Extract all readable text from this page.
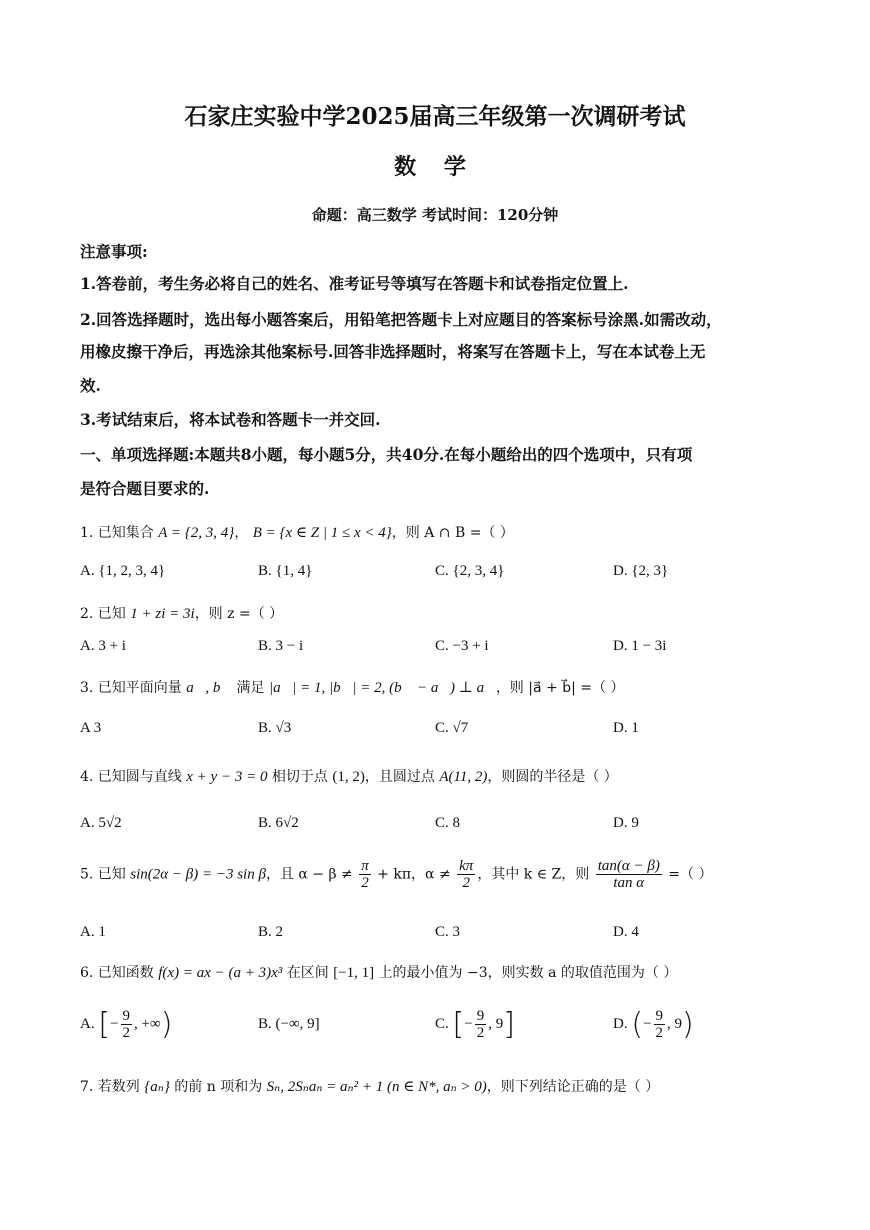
石家庄实验中学2025届高三年级第一次调研考试
数 学
命题：高三数学 考试时间：120分钟
注意事项:
1.答卷前，考生务必将自己的姓名、准考证号等填写在答题卡和试卷指定位置上.
2.回答选择题时，选出每小题答案后，用铅笔把答题卡上对应题目的答案标号涂黑.如需改动，
用橡皮擦干净后，再选涂其他案标号.回答非选择题时，将案写在答题卡上，写在本试卷上无
效.
3.考试结束后，将本试卷和答题卡一并交回.
一、单项选择题:本题共8小题，每小题5分，共40分.在每小题给出的四个选项中，只有项
是符合题目要求的.
1. 已知集合 A = {2, 3, 4}， B = {x ∈ Z | 1 ≤ x < 4}，则 A ∩ B =（ ）
A. {1, 2, 3, 4}	B. {1, 4}	C. {2, 3, 4}	D. {2, 3}
2. 已知 1 + zi = 3i，则 z =（ ）
A. 3 + i	B. 3 − i	C. −3 + i	D. 1 − 3i
3. 已知平面向量 a⃗, b⃗ 满足 |a⃗| = 1, |b⃗| = 2, (b⃗ − a⃗) ⊥ a⃗，则 |a⃗ + b⃗| =（ ）
A 3	B. √3	C. √7	D. 1
4. 已知圆与直线 x + y − 3 = 0 相切于点 (1, 2)，且圆过点 A(11, 2)，则圆的半径是（ ）
A. 5√2	B. 6√2	C. 8	D. 9
5. 已知 sin(2α − β) = −3 sin β，且 $\alpha - \beta \ne \frac{\pi}{2} + k\pi$，$\alpha \ne \frac{k\pi}{2}$ ，其中 k ∈ Z，则 $\frac{\tan(\alpha - \beta)}{\text{tan α}}$ =（ ）
A. 1	B. 2	C. 3	D. 4
6. 已知函数 f(x) = ax − (a + 3)x³ 在区间 [−1, 1] 上的最小值为 −3，则实数 a 的取值范围为（ ）
A. [− $\frac{9}{2}$ , +∞)	B. (−∞, 9]	C. [− $\frac{9}{2}$ , 9]	D. (− $\frac{9}{2}$ , 9)
7. 若数列 {aₙ} 的前 n 项和为 Sₙ, 2Sₙaₙ = aₙ² + 1 (n ∈ N*, aₙ > 0)，则下列结论正确的是（ ）
